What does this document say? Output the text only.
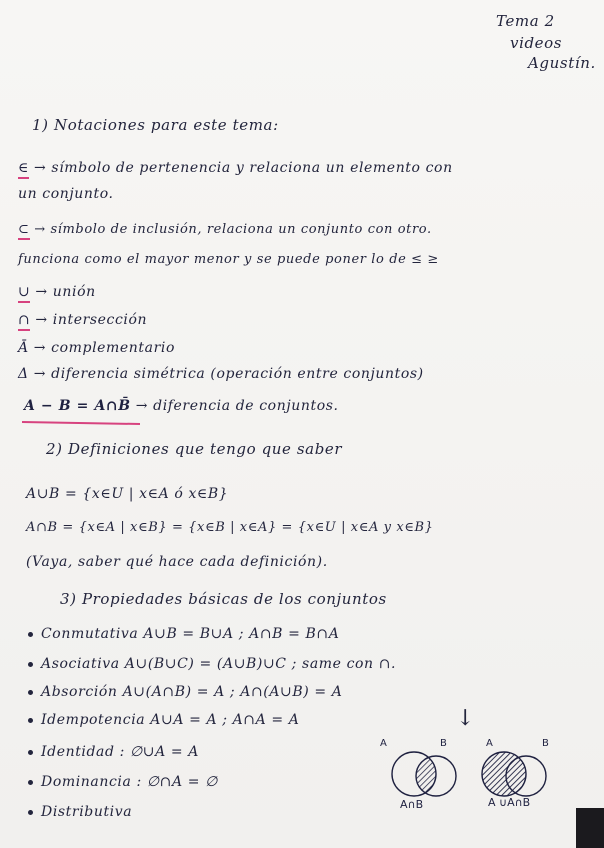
Tema 2
videos
Agustín.
1) Notaciones para este tema:
∈ → símbolo de pertenencia y relaciona un elemento con
un conjunto.
⊂ → símbolo de inclusión, relaciona un conjunto con otro.
funciona como el mayor menor y se puede poner lo de ≤ ≥
∪ → unión
∩ → intersección
Ā → complementario
Δ → diferencia simétrica (operación entre conjuntos)
A − B = A∩B̄ → diferencia de conjuntos.
2) Definiciones que tengo que saber
A∪B = {x∈U | x∈A ó x∈B}
A∩B = {x∈A | x∈B} = {x∈B | x∈A} = {x∈U | x∈A y x∈B}
(Vaya, saber qué hace cada definición).
3) Propiedades básicas de los conjuntos
Conmutativa A∪B = B∪A ; A∩B = B∩A
Asociativa A∪(B∪C) = (A∪B)∪C ; same con ∩.
Absorción A∪(A∩B) = A ; A∩(A∪B) = A
Idempotencia A∪A = A ; A∩A = A
Identidad : ∅∪A = A
Dominancia : ∅∩A = ∅
Distributiva
↓
A	B
A∩B
A	B
A ∪A∩B
